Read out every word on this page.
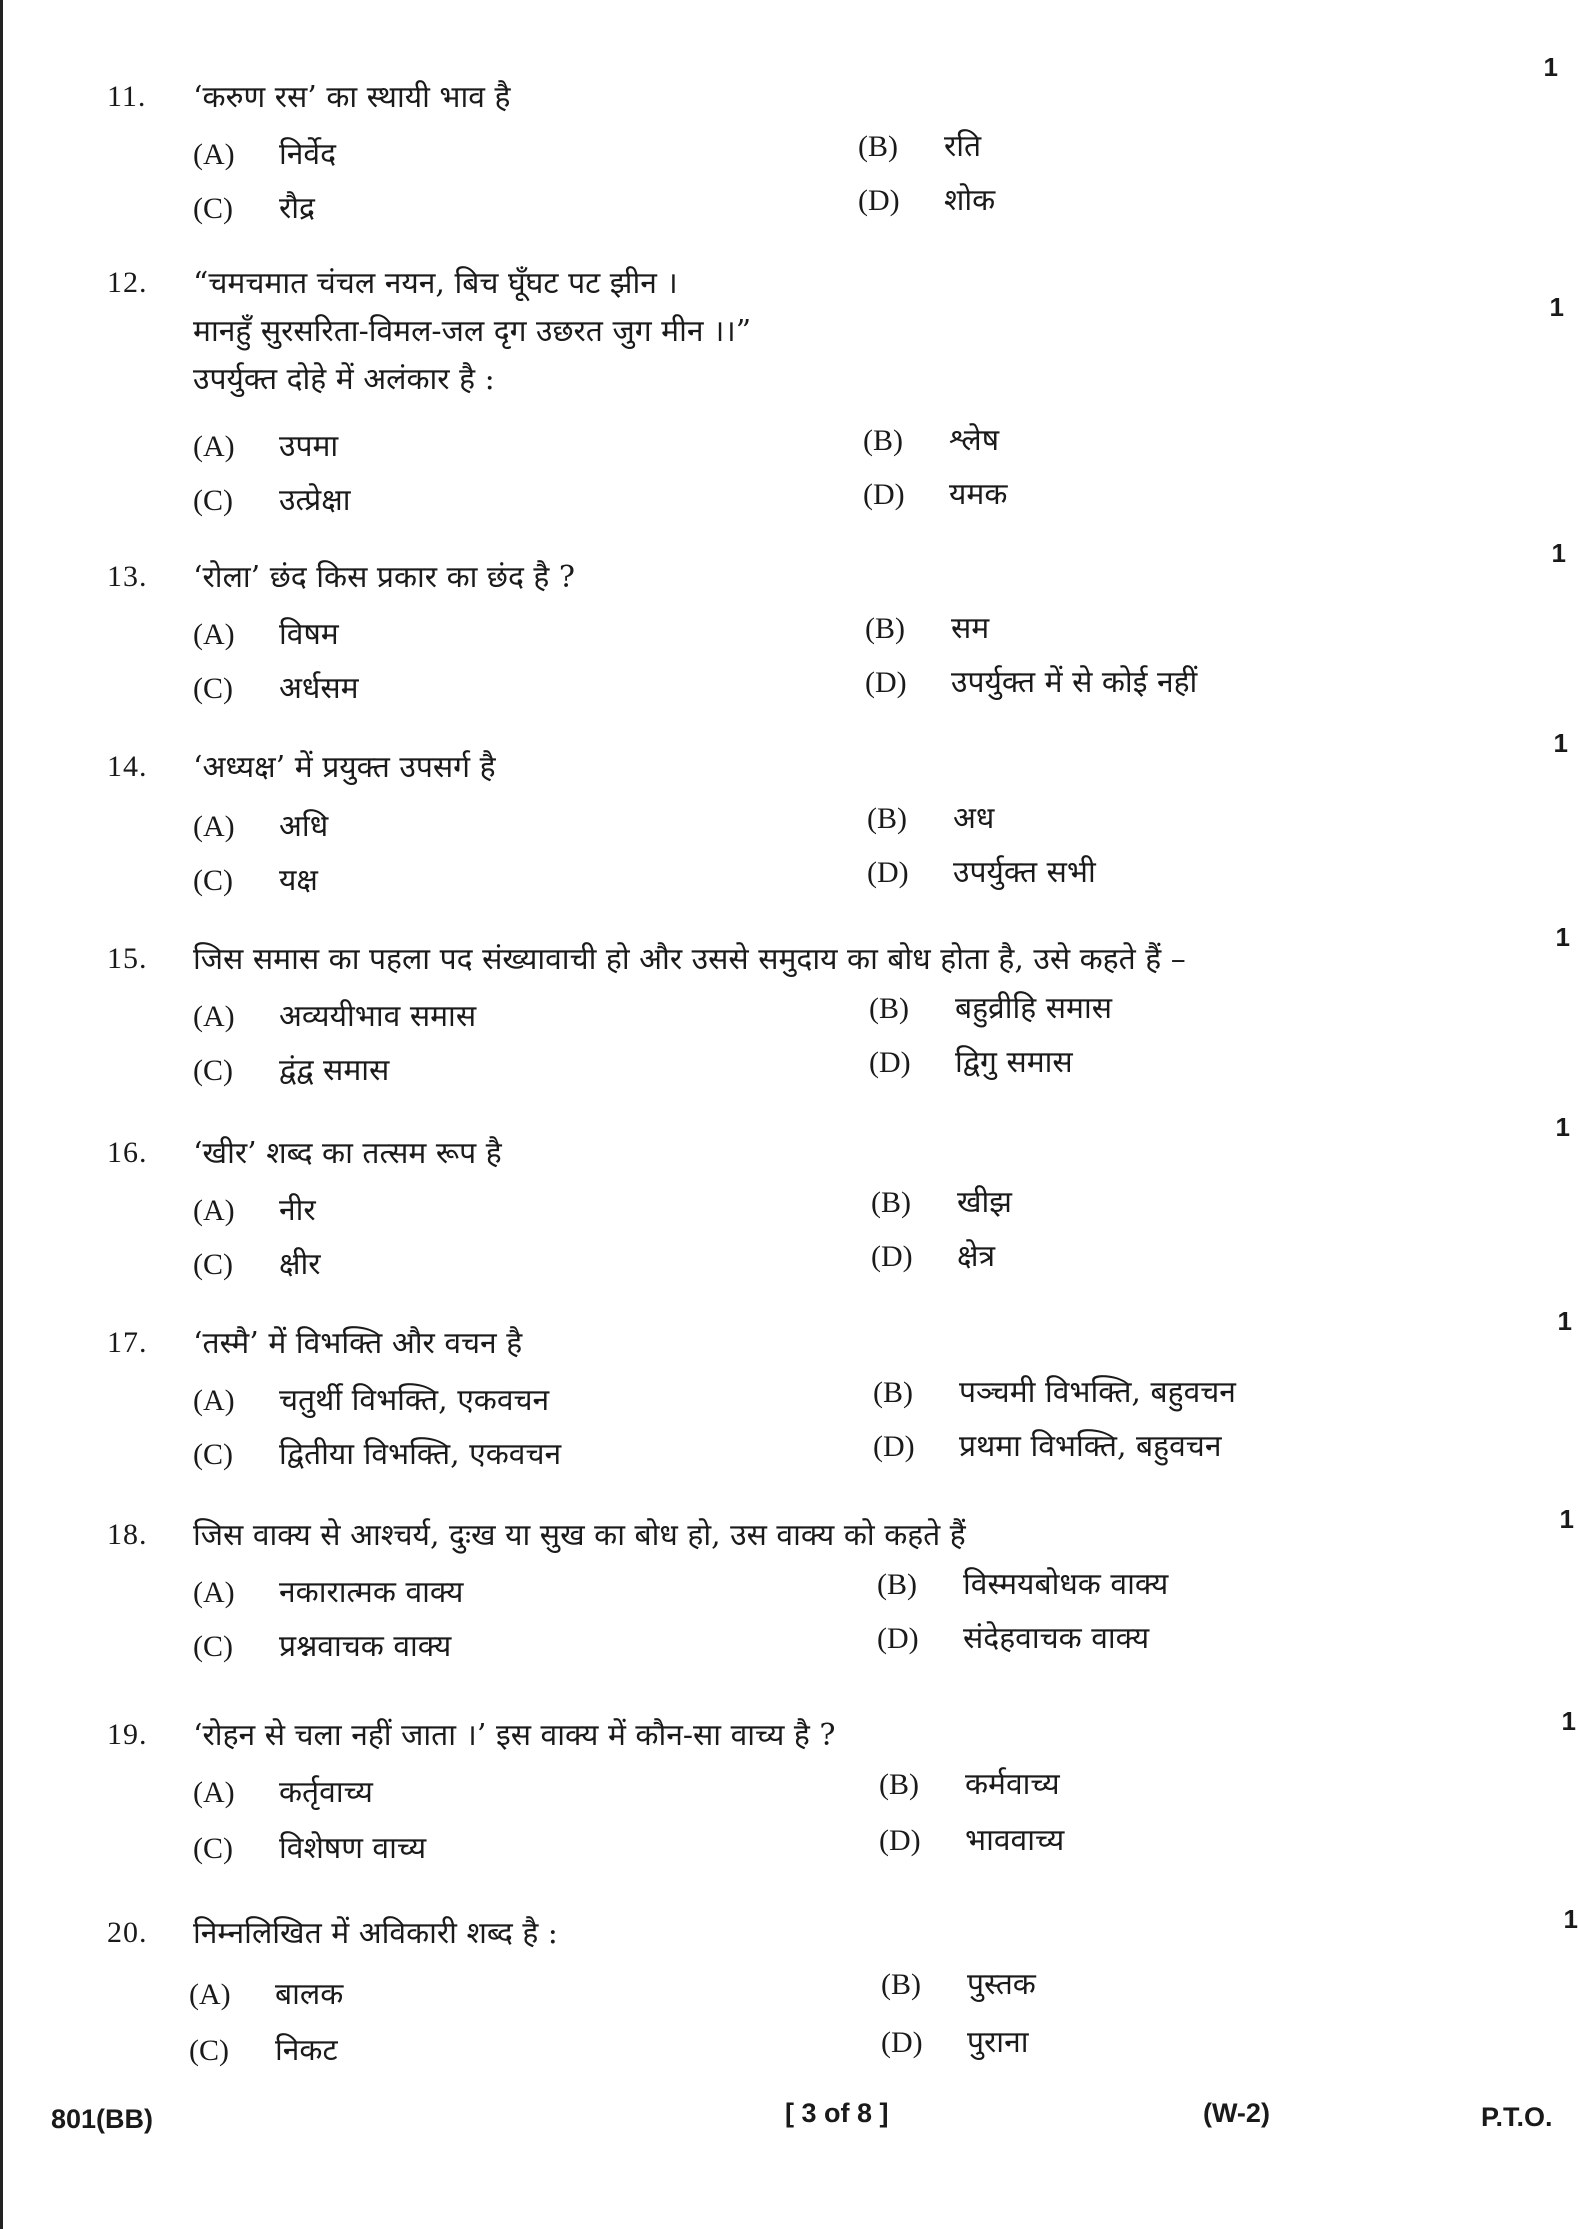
11. ‘करुण रस’ का स्थायी भाव है
1
(A) निर्वेद	(B) रति
(C) रौद्र	(D) शोक
12. “चमचमात चंचल नयन, बिच घूँघट पट झीन ।
मानहुँ सुरसरिता-विमल-जल दृग उछरत जुग मीन ।।”
उपर्युक्त दोहे में अलंकार है :
1
(A) उपमा	(B) श्लेष
(C) उत्प्रेक्षा	(D) यमक
13. ‘रोला’ छंद किस प्रकार का छंद है ?
1
(A) विषम	(B) सम
(C) अर्धसम	(D) उपर्युक्त में से कोई नहीं
14. ‘अध्यक्ष’ में प्रयुक्त उपसर्ग है
1
(A) अधि	(B) अध
(C) यक्ष	(D) उपर्युक्त सभी
15. जिस समास का पहला पद संख्यावाची हो और उससे समुदाय का बोध होता है, उसे कहते हैं –
1
(A) अव्ययीभाव समास	(B) बहुव्रीहि समास
(C) द्वंद्व समास	(D) द्विगु समास
16. ‘खीर’ शब्द का तत्सम रूप है
1
(A) नीर	(B) खीझ
(C) क्षीर	(D) क्षेत्र
17. ‘तस्मै’ में विभक्ति और वचन है
1
(A) चतुर्थी विभक्ति, एकवचन	(B) पञ्चमी विभक्ति, बहुवचन
(C) द्वितीया विभक्ति, एकवचन	(D) प्रथमा विभक्ति, बहुवचन
18. जिस वाक्य से आश्चर्य, दुःख या सुख का बोध हो, उस वाक्य को कहते हैं	1
(A) नकारात्मक वाक्य	(B) विस्मयबोधक वाक्य
(C) प्रश्नवाचक वाक्य	(D) संदेहवाचक वाक्य
19. ‘रोहन से चला नहीं जाता ।’ इस वाक्य में कौन-सा वाच्य है ?	1
(A) कर्तृवाच्य	(B) कर्मवाच्य
(C) विशेषण वाच्य	(D) भाववाच्य
20. निम्नलिखित में अविकारी शब्द है :	1
(A) बालक	(B) पुस्तक
(C) निकट	(D) पुराना
801(BB)	[ 3 of 8 ]	(W-2)	P.T.O.
